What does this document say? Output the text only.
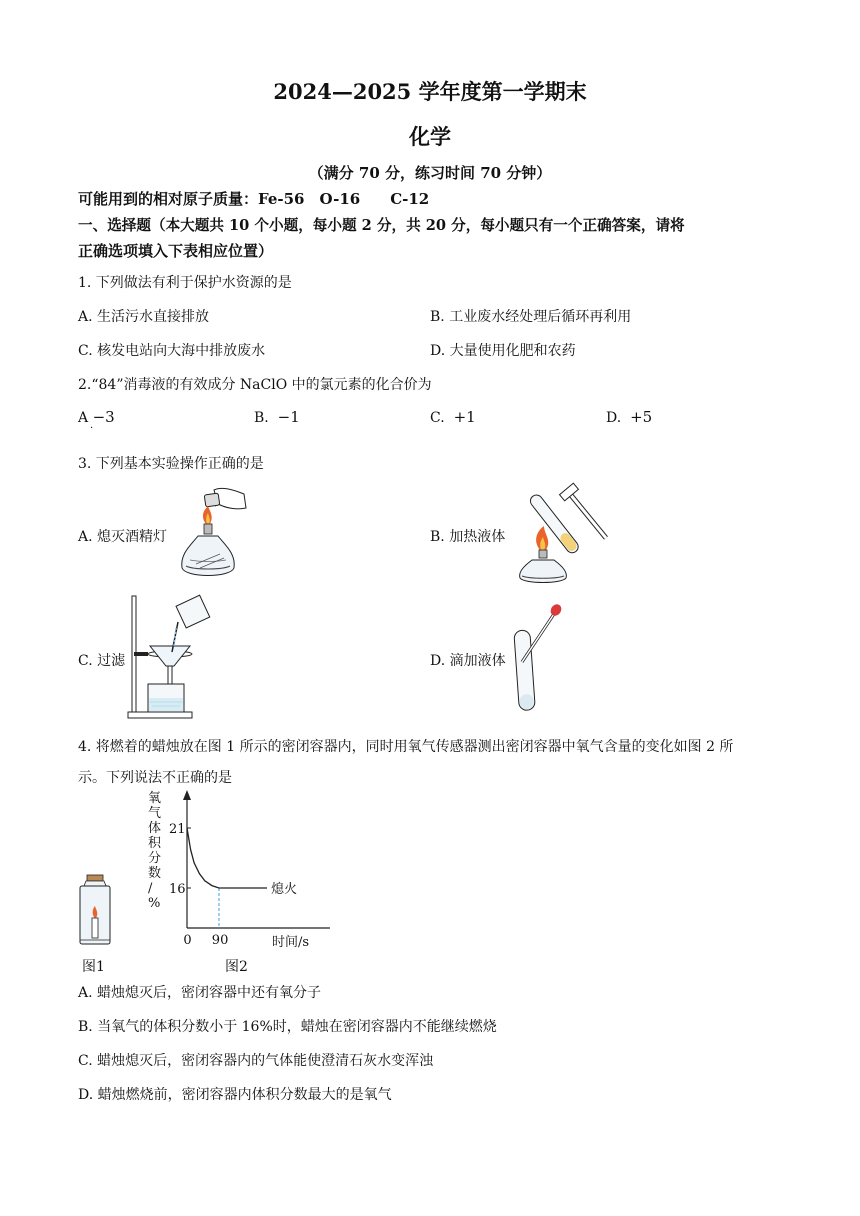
2024—2025 学年度第一学期末
化学
（满分 70 分，练习时间 70 分钟）
可能用到的相对原子质量：Fe-56　O-16　　C-12
一、选择题（本大题共 10 个小题，每小题 2 分，共 20 分，每小题只有一个正确答案，请将
正确选项填入下表相应位置）
1. 下列做法有利于保护水资源的是
A. 生活污水直接排放	B. 工业废水经处理后循环再利用
C. 核发电站向大海中排放废水	D. 大量使用化肥和农药
2.“84”消毒液的有效成分 NaClO 中的氯元素的化合价为
A −3
·
B. −1	C. +1	D. +5
3. 下列基本实验操作正确的是
A. 熄灭酒精灯	B. 加热液体
C. 过滤	D. 滴加液体
4. 将燃着的蜡烛放在图 1 所示的密闭容器内，同时用氧气传感器测出密闭容器中氧气含量的变化如图 2 所
示。下列说法不正确的是
图1
氧
气
体
积
分
数
/
%
21
16
0 90
熄火
时间/s
图2
A. 蜡烛熄灭后，密闭容器中还有氧分子
B. 当氧气的体积分数小于 16%时，蜡烛在密闭容器内不能继续燃烧
C. 蜡烛熄灭后，密闭容器内的气体能使澄清石灰水变浑浊
D. 蜡烛燃烧前，密闭容器内体积分数最大的是氧气
